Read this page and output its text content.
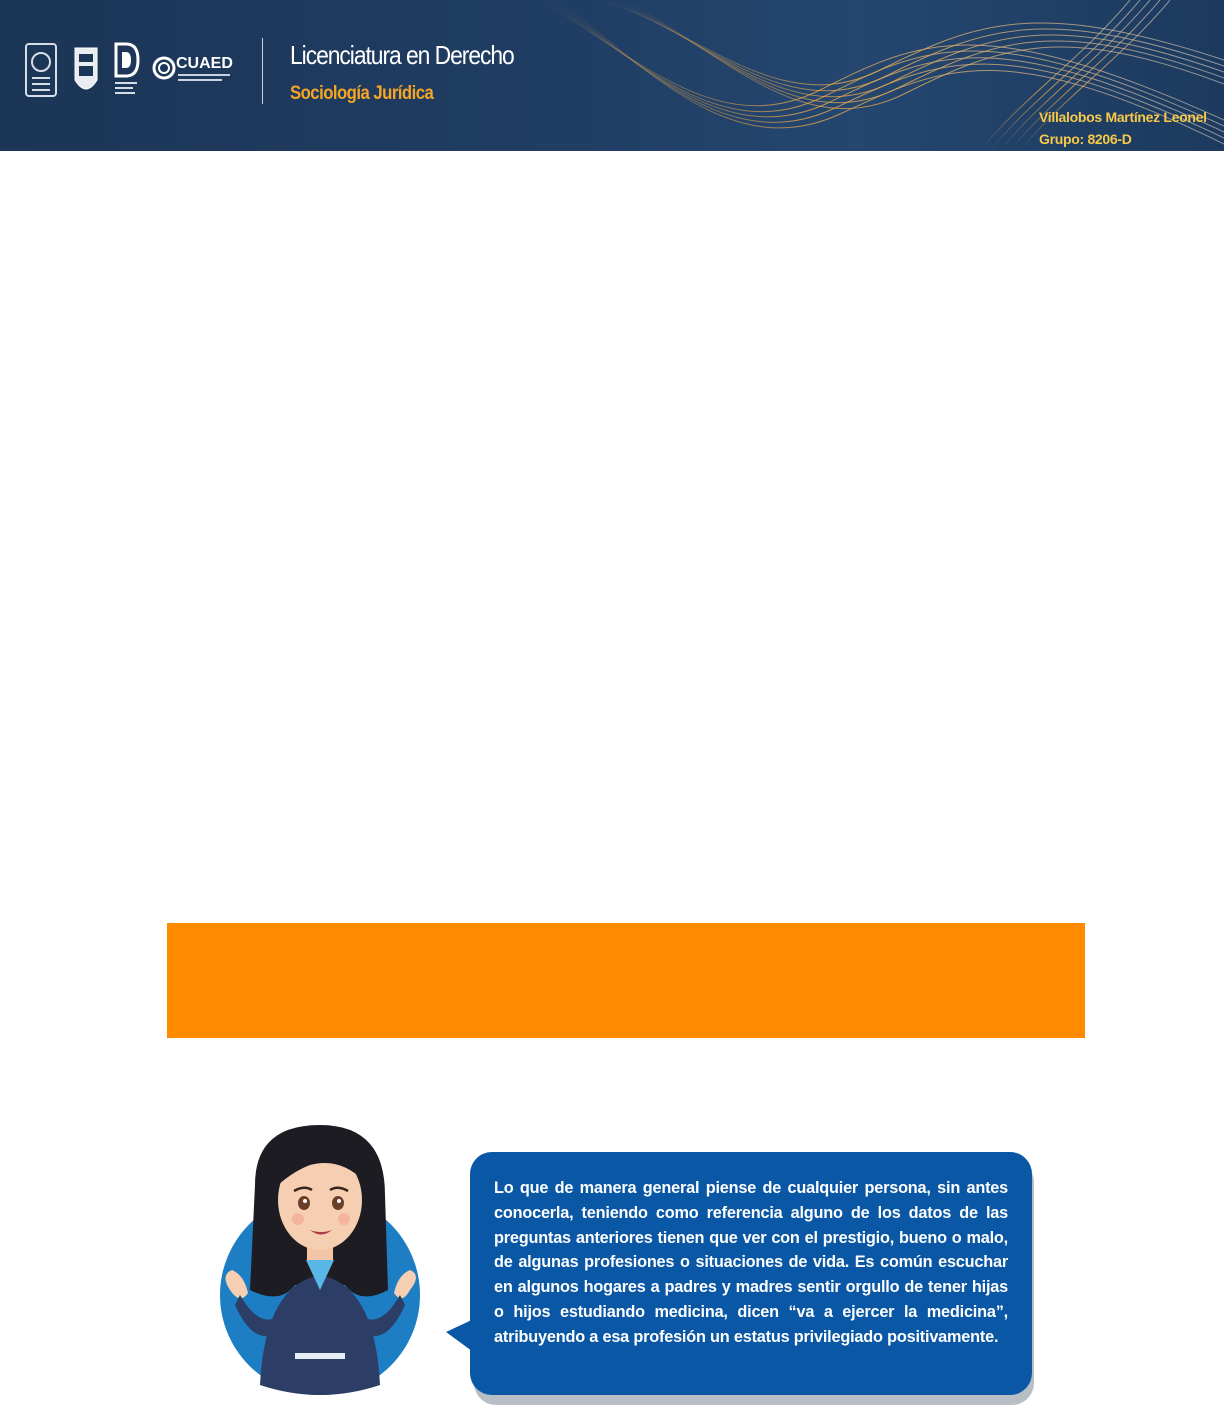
CUAED Licenciatura en Derecho
Sociología Jurídica
Villalobos Martínez Leonel
Grupo: 8206-D

Lo que de manera general piense de cualquier persona, sin antes conocerla, teniendo como referencia alguno de los datos de las preguntas anteriores tienen que ver con el prestigio, bueno o malo, de algunas profesiones o situaciones de vida. Es común escuchar en algunos hogares a padres y madres sentir orgullo de tener hijas o hijos estudiando medicina, dicen “va a ejercer la medicina”, atribuyendo a esa profesión un estatus privilegiado positivamente.
